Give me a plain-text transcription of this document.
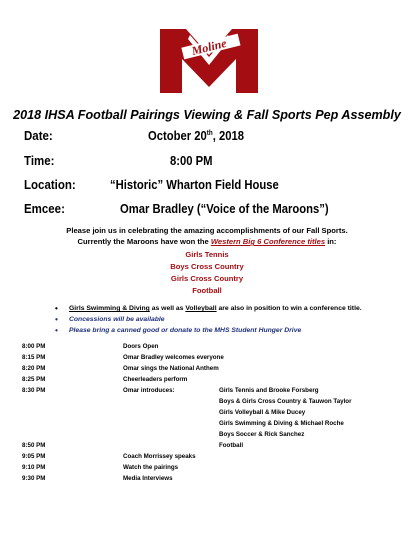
Moline
2018 IHSA Football Pairings Viewing & Fall Sports Pep Assembly
Date:	October 20th, 2018
Time:	8:00 PM
Location:	“Historic” Wharton Field House
Emcee:	Omar Bradley (“Voice of the Maroons”)
Please join us in celebrating the amazing accomplishments of our Fall Sports.
Currently the Maroons have won the Western Big 6 Conference titles in:
Girls Tennis
Boys Cross Country
Girls Cross Country
Football
• Girls Swimming & Diving as well as Volleyball are also in position to win a conference title.
• Concessions will be available
• Please bring a canned good or donate to the MHS Student Hunger Drive
8:00 PM	Doors Open
8:15 PM	Omar Bradley welcomes everyone
8:20 PM	Omar sings the National Anthem
8:25 PM	Cheerleaders perform
8:30 PM	Omar introduces:	Girls Tennis and Brooke Forsberg
Boys & Girls Cross Country & Tauwon Taylor
Girls Volleyball & Mike Ducey
Girls Swimming & Diving & Michael Roche
Boys Soccer & Rick Sanchez
8:50 PM	Football
9:05 PM	Coach Morrissey speaks
9:10 PM	Watch the pairings
9:30 PM	Media Interviews
